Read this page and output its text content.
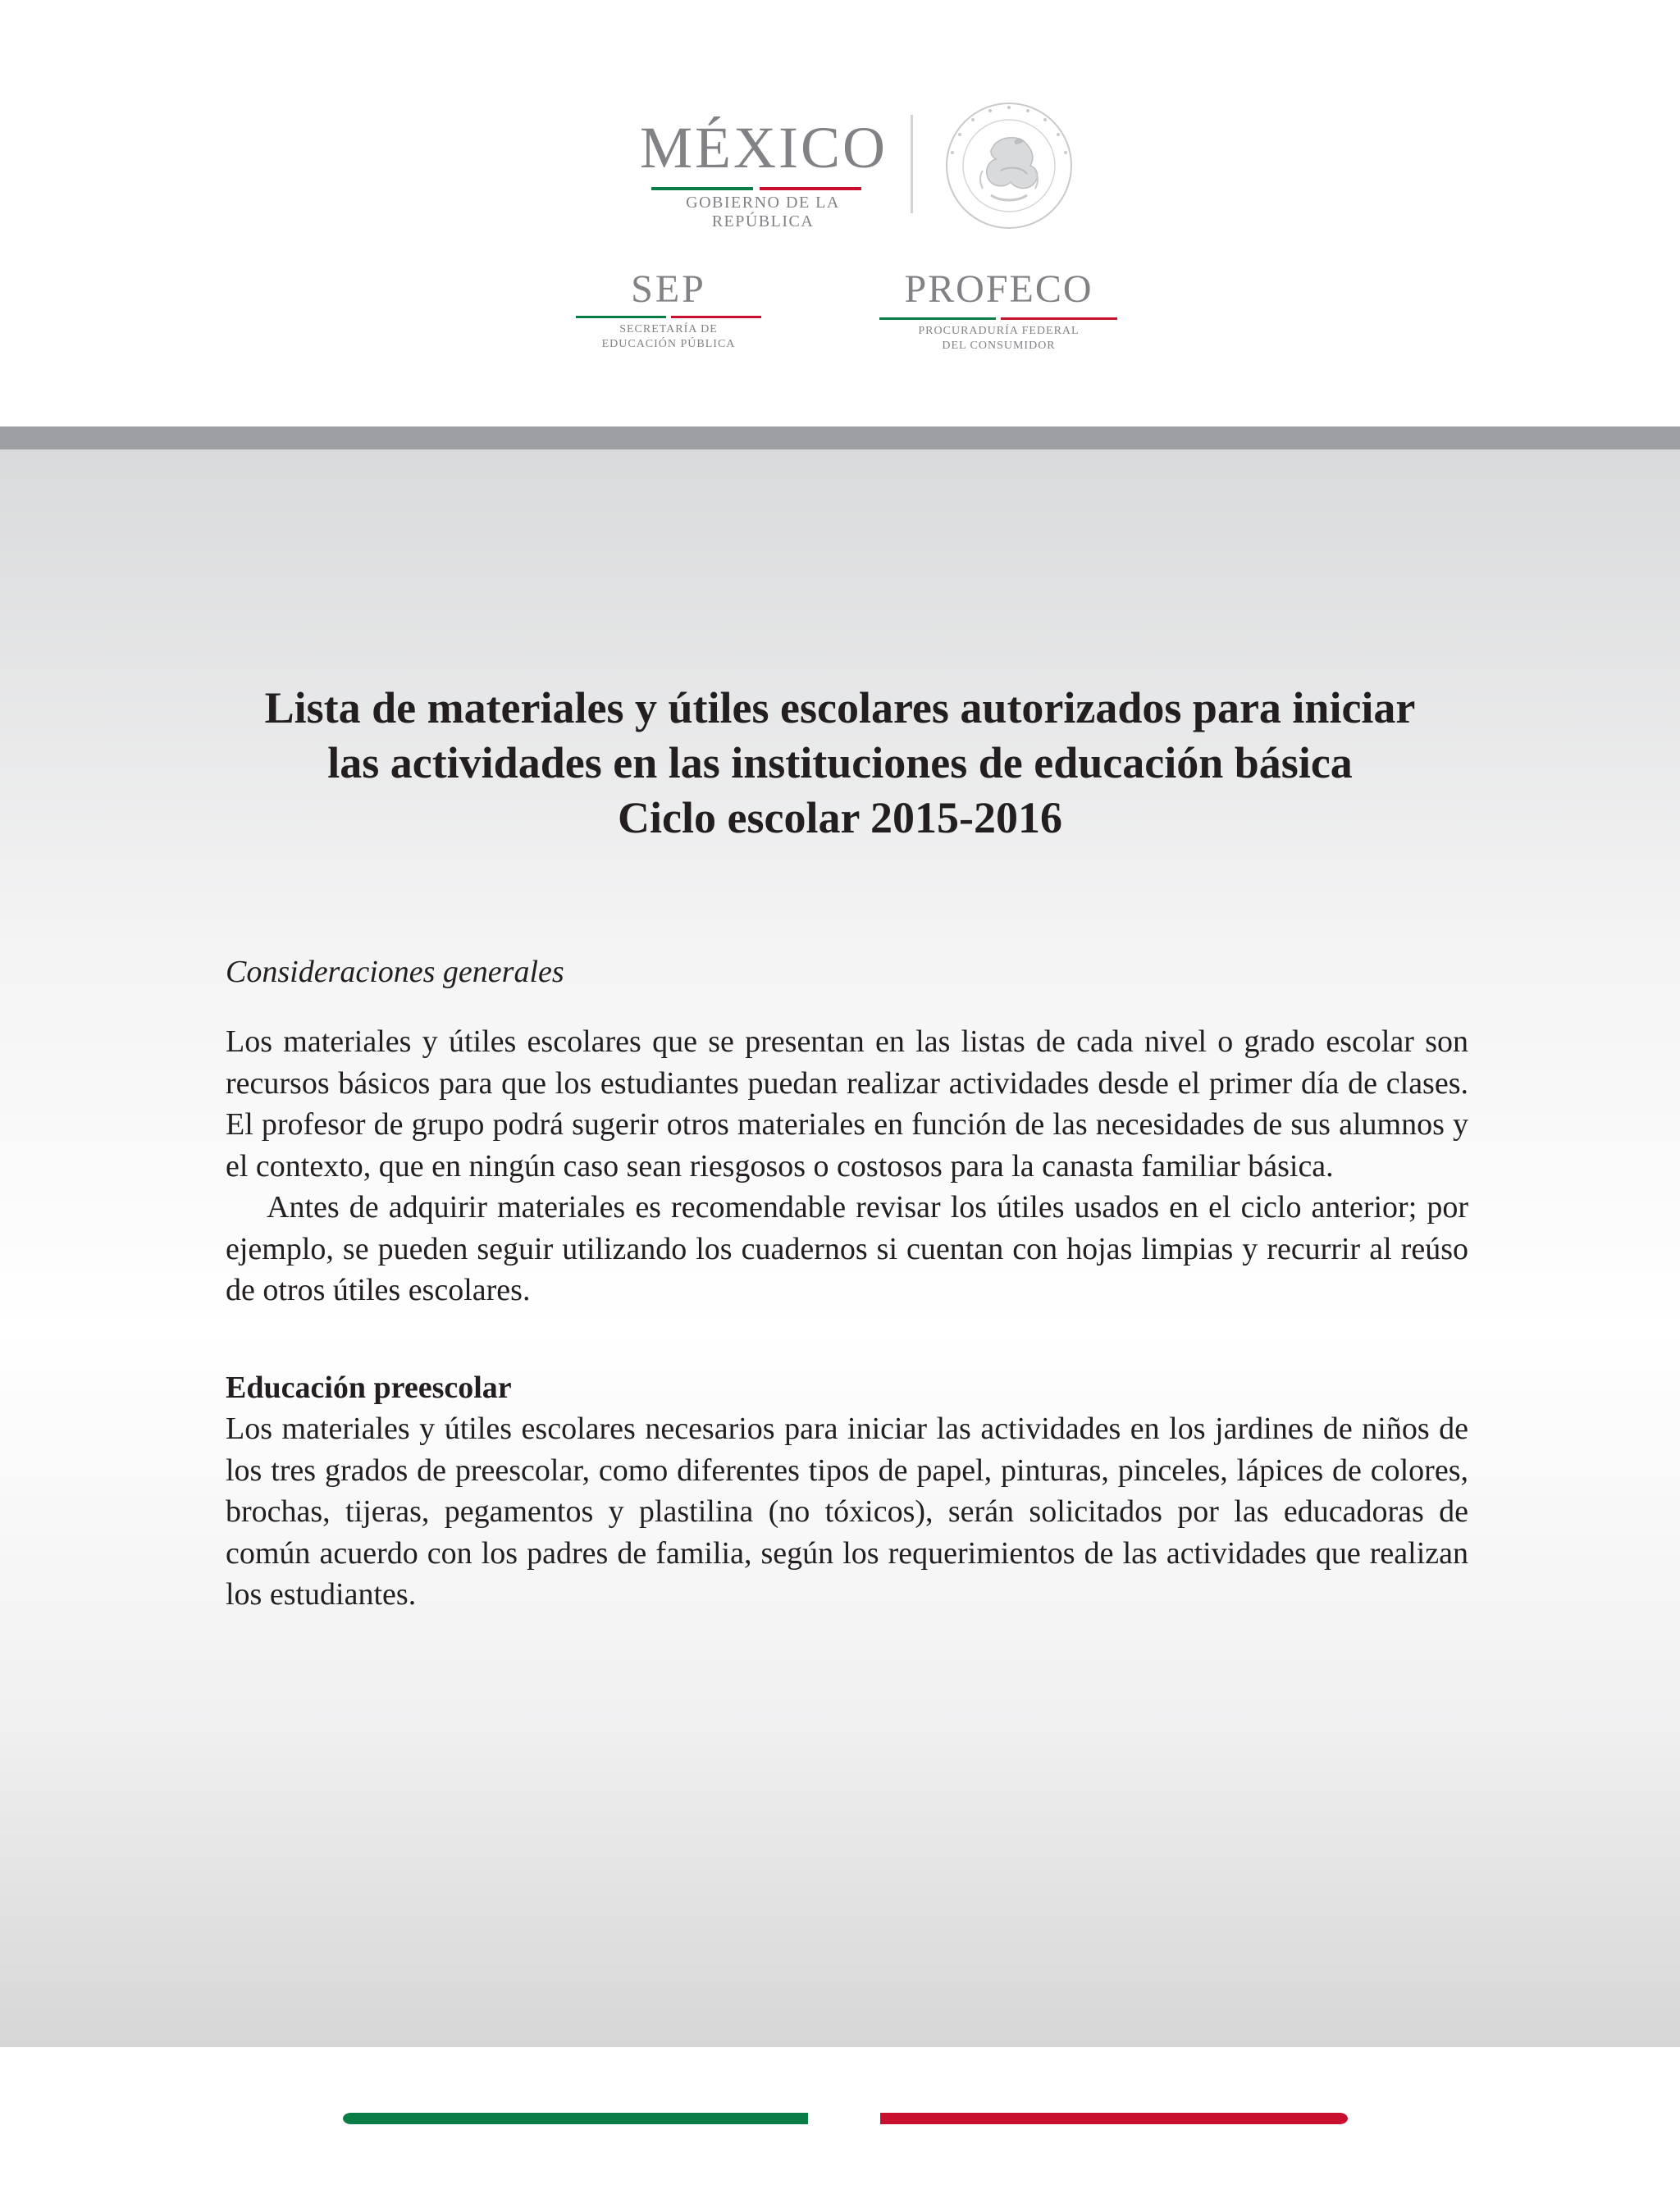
MÉXICO
GOBIERNO DE LA REPÚBLICA
SEP
SECRETARÍA DE
EDUCACIÓN PÚBLICA
PROFECO
PROCURADURÍA FEDERAL
DEL CONSUMIDOR
Lista de materiales y útiles escolares autorizados para iniciar
las actividades en las instituciones de educación básica
Ciclo escolar 2015-2016
Consideraciones generales

Los materiales y útiles escolares que se presentan en las listas de cada nivel o grado escolar son recursos básicos para que los estudiantes puedan realizar actividades desde el primer día de clases. El profesor de grupo podrá sugerir otros materiales en función de las necesidades de sus alumnos y el contexto, que en ningún caso sean riesgosos o costosos para la canasta familiar básica.

Antes de adquirir materiales es recomendable revisar los útiles usados en el ciclo anterior; por ejemplo, se pueden seguir utilizando los cuadernos si cuentan con hojas limpias y recurrir al reúso de otros útiles escolares.

Educación preescolar

Los materiales y útiles escolares necesarios para iniciar las actividades en los jardines de niños de los tres grados de preescolar, como diferentes tipos de papel, pinturas, pinceles, lápices de colores, brochas, tijeras, pegamentos y plastilina (no tóxicos), serán solicitados por las educadoras de común acuerdo con los padres de familia, según los requerimientos de las actividades que realizan los estudiantes.
